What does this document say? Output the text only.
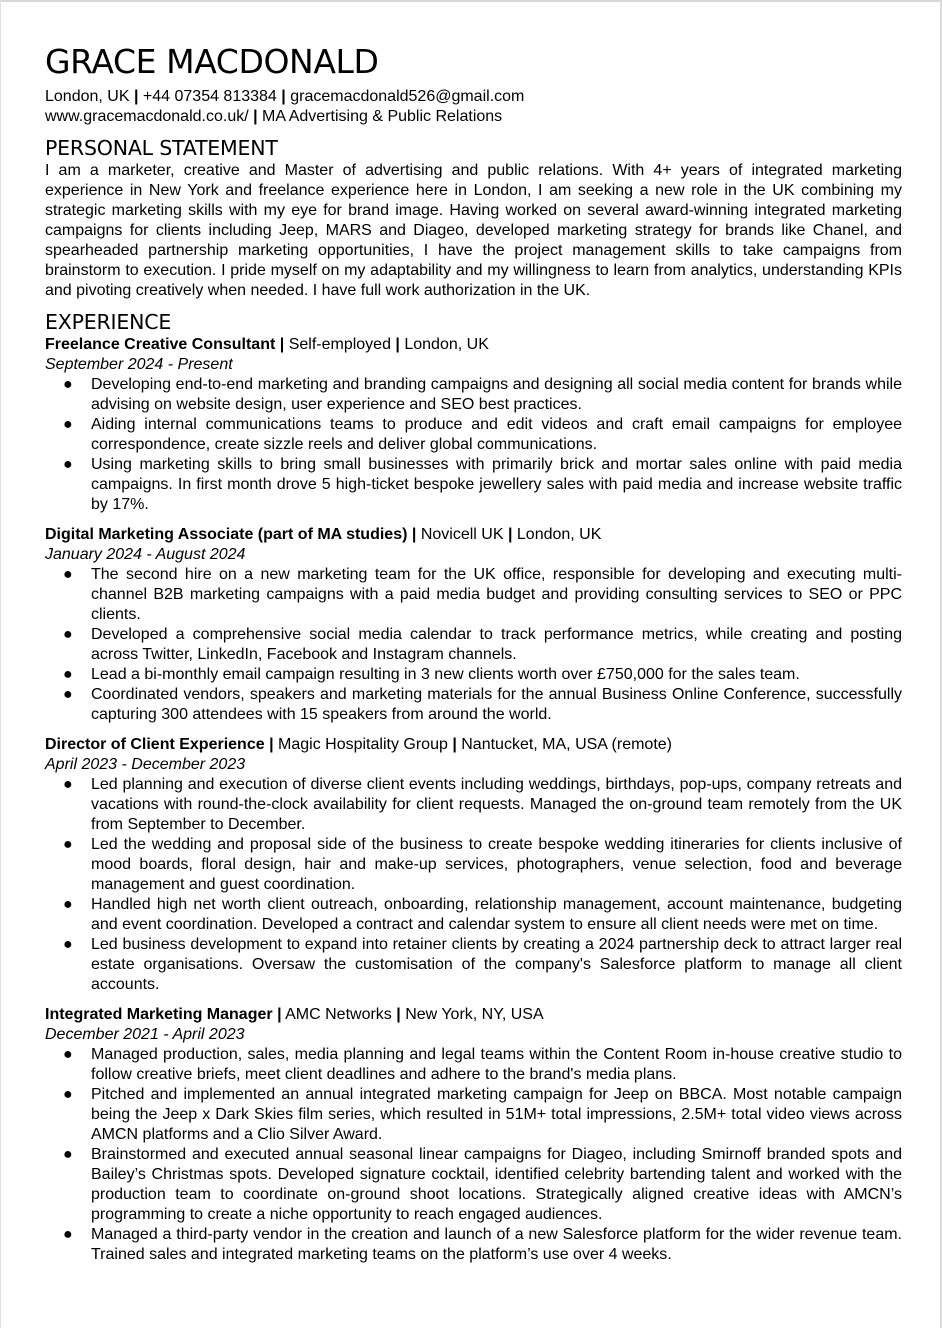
GRACE MACDONALD
London, UK | +44 07354 813384 | gracemacdonald526@gmail.com
www.gracemacdonald.co.uk/ | MA Advertising & Public Relations
PERSONAL STATEMENT
I am a marketer, creative and Master of advertising and public relations. With 4+ years of integrated marketing experience in New York and freelance experience here in London, I am seeking a new role in the UK combining my strategic marketing skills with my eye for brand image. Having worked on several award-winning integrated marketing campaigns for clients including Jeep, MARS and Diageo, developed marketing strategy for brands like Chanel, and spearheaded partnership marketing opportunities, I have the project management skills to take campaigns from brainstorm to execution. I pride myself on my adaptability and my willingness to learn from analytics, understanding KPIs and pivoting creatively when needed. I have full work authorization in the UK.
EXPERIENCE
Freelance Creative Consultant | Self-employed | London, UK
September 2024 - Present
● Developing end-to-end marketing and branding campaigns and designing all social media content for brands while advising on website design, user experience and SEO best practices.
● Aiding internal communications teams to produce and edit videos and craft email campaigns for employee correspondence, create sizzle reels and deliver global communications.
● Using marketing skills to bring small businesses with primarily brick and mortar sales online with paid media campaigns. In first month drove 5 high-ticket bespoke jewellery sales with paid media and increase website traffic by 17%.
Digital Marketing Associate (part of MA studies) | Novicell UK | London, UK
January 2024 - August 2024
● The second hire on a new marketing team for the UK office, responsible for developing and executing multi-channel B2B marketing campaigns with a paid media budget and providing consulting services to SEO or PPC clients.
● Developed a comprehensive social media calendar to track performance metrics, while creating and posting across Twitter, LinkedIn, Facebook and Instagram channels.
● Lead a bi-monthly email campaign resulting in 3 new clients worth over £750,000 for the sales team.
● Coordinated vendors, speakers and marketing materials for the annual Business Online Conference, successfully capturing 300 attendees with 15 speakers from around the world.
Director of Client Experience | Magic Hospitality Group | Nantucket, MA, USA (remote)
April 2023 - December 2023
● Led planning and execution of diverse client events including weddings, birthdays, pop-ups, company retreats and vacations with round-the-clock availability for client requests. Managed the on-ground team remotely from the UK from September to December.
● Led the wedding and proposal side of the business to create bespoke wedding itineraries for clients inclusive of mood boards, floral design, hair and make-up services, photographers, venue selection, food and beverage management and guest coordination.
● Handled high net worth client outreach, onboarding, relationship management, account maintenance, budgeting and event coordination. Developed a contract and calendar system to ensure all client needs were met on time.
● Led business development to expand into retainer clients by creating a 2024 partnership deck to attract larger real estate organisations. Oversaw the customisation of the company's Salesforce platform to manage all client accounts.
Integrated Marketing Manager | AMC Networks | New York, NY, USA
December 2021 - April 2023
● Managed production, sales, media planning and legal teams within the Content Room in-house creative studio to follow creative briefs, meet client deadlines and adhere to the brand's media plans.
● Pitched and implemented an annual integrated marketing campaign for Jeep on BBCA. Most notable campaign being the Jeep x Dark Skies film series, which resulted in 51M+ total impressions, 2.5M+ total video views across AMCN platforms and a Clio Silver Award.
● Brainstormed and executed annual seasonal linear campaigns for Diageo, including Smirnoff branded spots and Bailey’s Christmas spots. Developed signature cocktail, identified celebrity bartending talent and worked with the production team to coordinate on-ground shoot locations. Strategically aligned creative ideas with AMCN’s programming to create a niche opportunity to reach engaged audiences.
● Managed a third-party vendor in the creation and launch of a new Salesforce platform for the wider revenue team. Trained sales and integrated marketing teams on the platform’s use over 4 weeks.
